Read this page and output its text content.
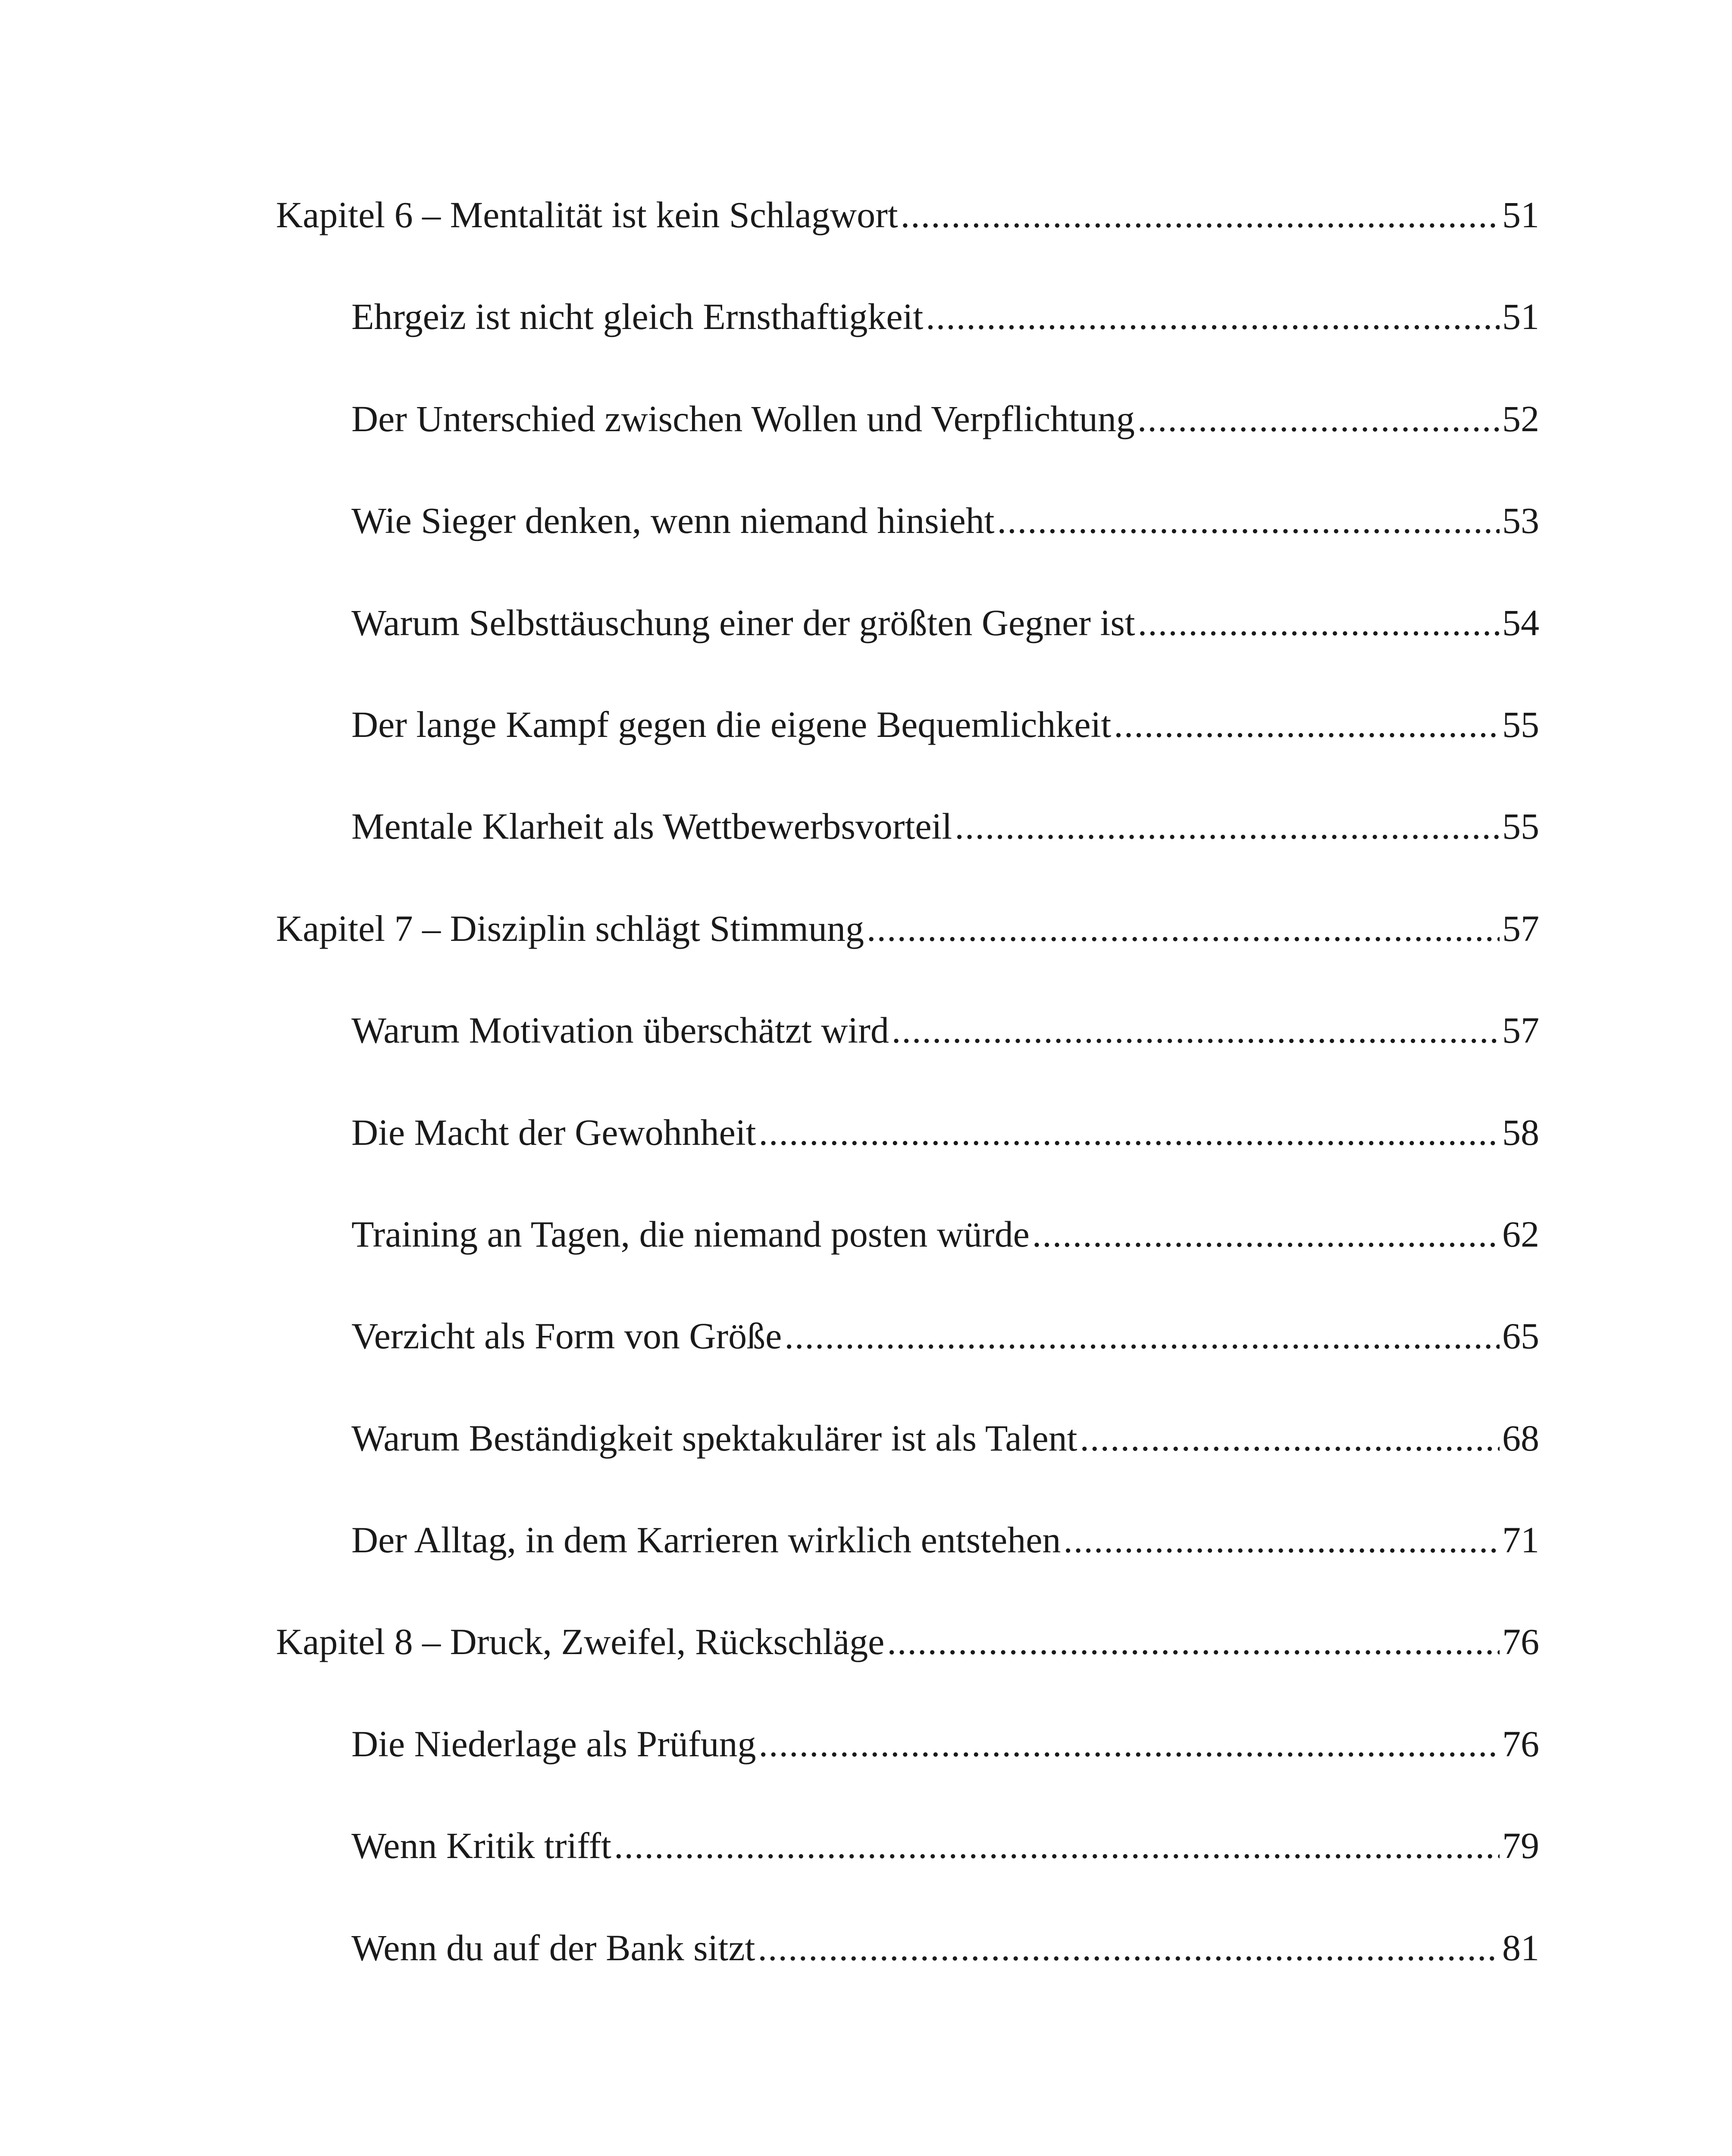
Kapitel 6 – Mentalität ist kein Schlagwort .....	51
Ehrgeiz ist nicht gleich Ernsthaftigkeit .....	51
Der Unterschied zwischen Wollen und Verpflichtung .....	52
Wie Sieger denken, wenn niemand hinsieht .....	53
Warum Selbsttäuschung einer der größten Gegner ist .....	54
Der lange Kampf gegen die eigene Bequemlichkeit .....	55
Mentale Klarheit als Wettbewerbsvorteil .....	55
Kapitel 7 – Disziplin schlägt Stimmung .....	57
Warum Motivation überschätzt wird .....	57
Die Macht der Gewohnheit .....	58
Training an Tagen, die niemand posten würde .....	62
Verzicht als Form von Größe .....	65
Warum Beständigkeit spektakulärer ist als Talent .....	68
Der Alltag, in dem Karrieren wirklich entstehen .....	71
Kapitel 8 – Druck, Zweifel, Rückschläge .....	76
Die Niederlage als Prüfung .....	76
Wenn Kritik trifft .....	79
Wenn du auf der Bank sitzt .....	81
